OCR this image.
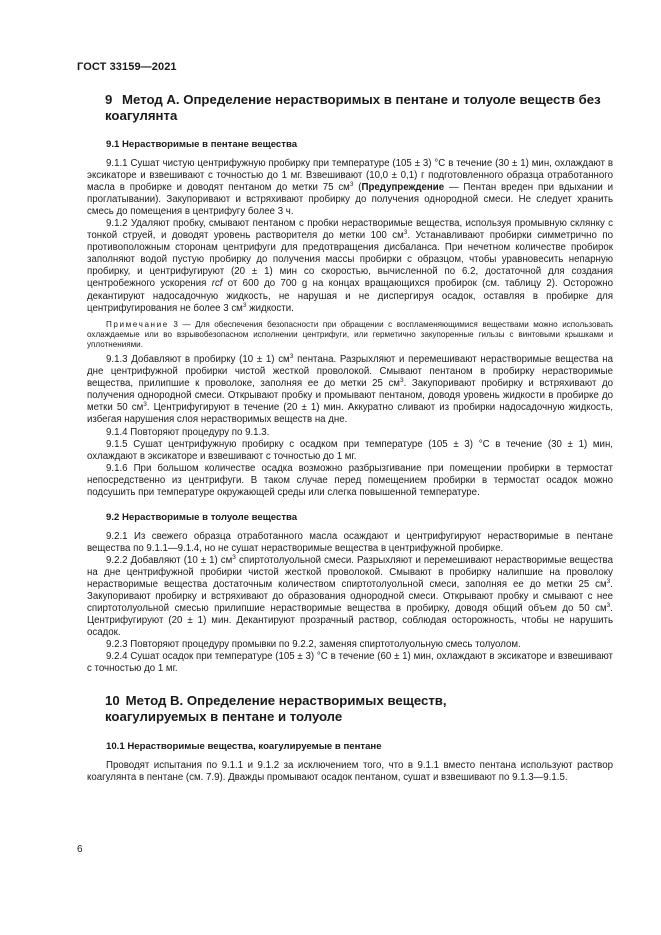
ГОСТ 33159—2021
9 Метод А. Определение нерастворимых в пентане и толуоле веществ без коагулянта
9.1 Нерастворимые в пентане вещества

9.1.1 Сушат чистую центрифужную пробирку при температуре (105 ± 3) °С в течение (30 ± 1) мин, охлаждают в эксикаторе и взвешивают с точностью до 1 мг. Взвешивают (10,0 ± 0,1) г подготовленного образца отработанного масла в пробирке и доводят пентаном до метки 75 $см^3$ (Предупреждение — Пентан вреден при вдыхании и проглатывании). Закупоривают и встряхивают пробирку до получения однородной смеси. Не следует хранить смесь до помещения в центрифугу более 3 ч.

9.1.2 Удаляют пробку, смывают пентаном с пробки нерастворимые вещества, используя промывную склянку с тонкой струей, и доводят уровень растворителя до метки 100 $см^3$. Устанавливают пробирки симметрично по противоположным сторонам центрифуги для предотвращения дисбаланса. При нечетном количестве пробирок заполняют водой пустую пробирку до получения массы пробирки с образцом, чтобы уравновесить непарную пробирку, и центрифугируют (20 ± 1) мин со скоростью, вычисленной по 6.2, достаточной для создания центробежного ускорения rcf от 600 до 700 g на концах вращающихся пробирок (см. таблицу 2). Осторожно декантируют надосадочную жидкость, не нарушая и не диспергируя осадок, оставляя в пробирке для центрифугирования не более 3 $см^3$ жидкости.

Примечание 3 — Для обеспечения безопасности при обращении с воспламеняющимися веществами можно использовать охлаждаемые или во взрывобезопасном исполнении центрифуги, или герметично закупоренные гильзы с винтовыми крышками и уплотнениями.

9.1.3 Добавляют в пробирку (10 ± 1) $см^3$ пентана. Разрыхляют и перемешивают нерастворимые вещества на дне центрифужной пробирки чистой жесткой проволокой. Смывают пентаном в пробирку нерастворимые вещества, прилипшие к проволоке, заполняя ее до метки 25 $см^3$. Закупоривают пробирку и встряхивают до получения однородной смеси. Открывают пробку и промывают пентаном, доводя уровень жидкости в пробирке до метки 50 $см^3$. Центрифугируют в течение (20 ± 1) мин. Аккуратно сливают из пробирки надосадочную жидкость, избегая нарушения слоя нерастворимых веществ на дне.

9.1.4 Повторяют процедуру по 9.1.3.

9.1.5 Сушат центрифужную пробирку с осадком при температуре (105 ± 3) °С в течение (30 ± 1) мин, охлаждают в эксикаторе и взвешивают с точностью до 1 мг.

9.1.6 При большом количестве осадка возможно разбрызгивание при помещении пробирки в термостат непосредственно из центрифуги. В таком случае перед помещением пробирки в термостат осадок можно подсушить при температуре окружающей среды или слегка повышенной температуре.

9.2 Нерастворимые в толуоле вещества

9.2.1 Из свежего образца отработанного масла осаждают и центрифугируют нерастворимые в пентане вещества по 9.1.1—9.1.4, но не сушат нерастворимые вещества в центрифужной пробирке.

9.2.2 Добавляют (10 ± 1) $см^3$ спиртотолуольной смеси. Разрыхляют и перемешивают нерастворимые вещества на дне центрифужной пробирки чистой жесткой проволокой. Смывают в пробирку налипшие на проволоку нерастворимые вещества достаточным количеством спиртотолуольной смеси, заполняя ее до метки 25 $см^3$. Закупоривают пробирку и встряхивают до образования однородной смеси. Открывают пробку и смывают с нее спиртотолуольной смесью прилипшие нерастворимые вещества в пробирку, доводя общий объем до 50 $см^3$. Центрифугируют (20 ± 1) мин. Декантируют прозрачный раствор, соблюдая осторожность, чтобы не нарушить осадок.

9.2.3 Повторяют процедуру промывки по 9.2.2, заменяя спиртотолуольную смесь толуолом.

9.2.4 Сушат осадок при температуре (105 ± 3) °С в течение (60 ± 1) мин, охлаждают в эксикаторе и взвешивают с точностью до 1 мг.

10 Метод В. Определение нерастворимых веществ,
коагулируемых в пентане и толуоле
10.1 Нерастворимые вещества, коагулируемые в пентане

Проводят испытания по 9.1.1 и 9.1.2 за исключением того, что в 9.1.1 вместо пентана используют раствор коагулянта в пентане (см. 7.9). Дважды промывают осадок пентаном, сушат и взвешивают по 9.1.3—9.1.5.

6
